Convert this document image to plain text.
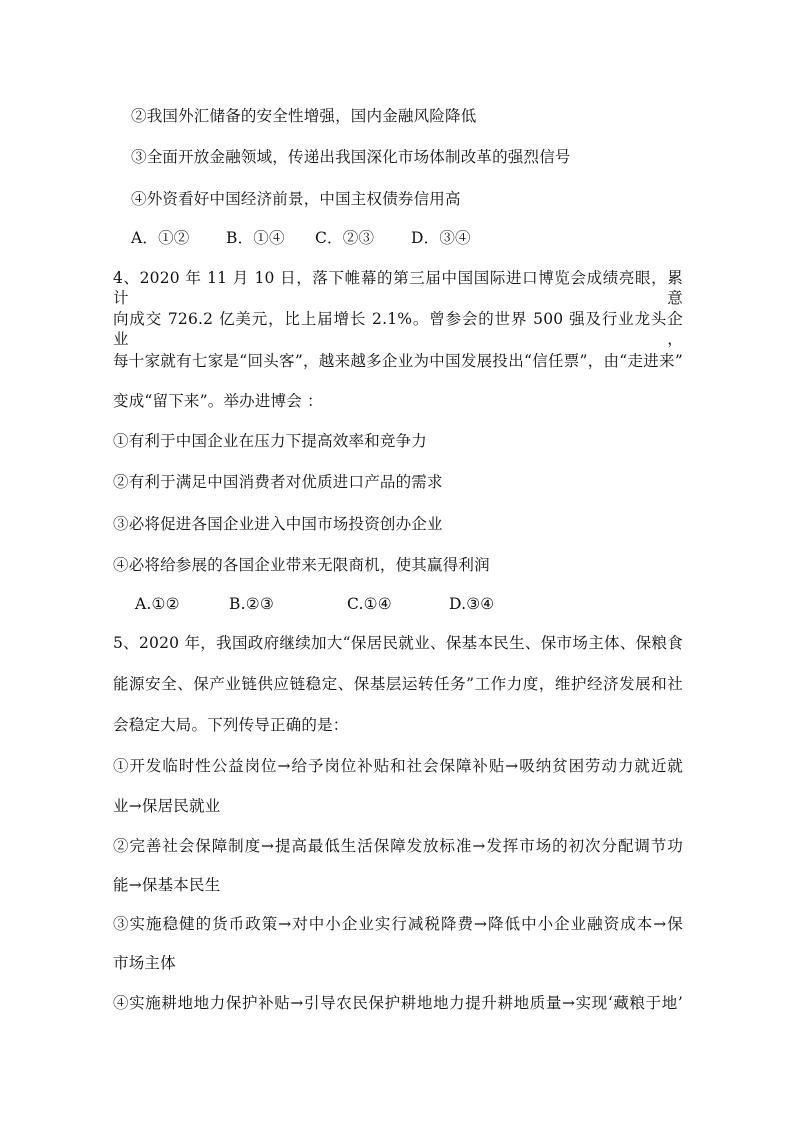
②我国外汇储备的安全性增强，国内金融风险降低
③全面开放金融领域，传递出我国深化市场体制改革的强烈信号
④外资看好中国经济前景，中国主权债券信用高
A．①② B．①④ C．②③ D．③④
4、2020 年 11 月 10 日，落下帷幕的第三届中国国际进口博览会成绩亮眼，累计意
向成交 726.2 亿美元，比上届增长 2.1%。曾参会的世界 500 强及行业龙头企业，
每十家就有七家是“回头客”，越来越多企业为中国发展投出“信任票”，由“走进来”
变成“留下来”。举办进博会 ：
①有利于中国企业在压力下提高效率和竞争力
②有利于满足中国消费者对优质进口产品的需求
③必将促进各国企业进入中国市场投资创办企业
④必将给参展的各国企业带来无限商机，使其赢得利润
A.①②	B.②③	C.①④	D.③④
5、2020 年，我国政府继续加大“保居民就业、保基本民生、保市场主体、保粮食
能源安全、保产业链供应链稳定、保基层运转任务”工作力度，维护经济发展和社
会稳定大局。下列传导正确的是：
①开发临时性公益岗位→给予岗位补贴和社会保障补贴→吸纳贫困劳动力就近就
业→保居民就业
②完善社会保障制度→提高最低生活保障发放标准→发挥市场的初次分配调节功
能→保基本民生
③实施稳健的货币政策→对中小企业实行减税降费→降低中小企业融资成本→保
市场主体
④实施耕地地力保护补贴→引导农民保护耕地地力提升耕地质量→实现‘藏粮于地’
